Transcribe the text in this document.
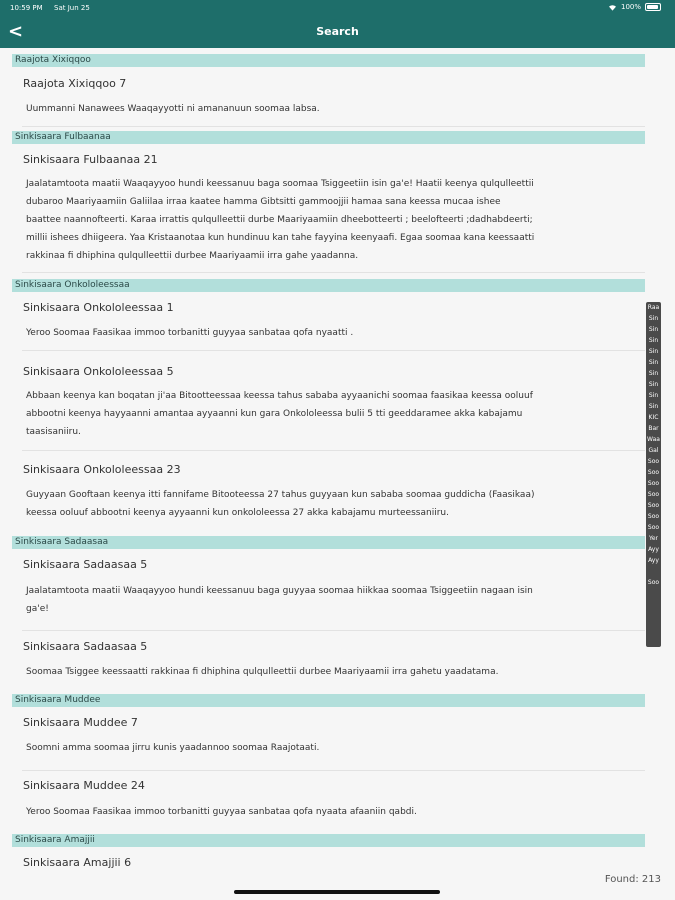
10:59 PM Sat Jun 25	100%
<	Search
Raajota Xixiqqoo
Raajota Xixiqqoo 7
Uummanni Nanawees Waaqayyotti ni amananuun soomaa labsa.
Sinkisaara Fulbaanaa
Sinkisaara Fulbaanaa 21
Jaalatamtoota maatii Waaqayyoo hundi keessanuu baga soomaa Tsiggeetiin isin ga'e! Haatii keenya qulqulleettii
dubaroo Maariyaamiin Galiilaa irraa kaatee hamma Gibtsitti gammoojjii hamaa sana keessa mucaa ishee
baattee naannofteerti. Karaa irrattis qulqulleettii durbe Maariyaamiin dheebotteerti ; beelofteerti ;dadhabdeerti;
millii ishees dhiigeera. Yaa Kristaanotaa kun hundinuu kan tahe fayyina keenyaafi. Egaa soomaa kana keessaatti
rakkinaa fi dhiphina qulqulleettii durbee Maariyaamii irra gahe yaadanna.
Sinkisaara Onkololeessaa
Sinkisaara Onkololeessaa 1
Yeroo Soomaa Faasikaa immoo torbanitti guyyaa sanbataa qofa nyaatti .
Sinkisaara Onkololeessaa 5
Abbaan keenya kan boqatan ji'aa Bitootteessaa keessa tahus sababa ayyaanichi soomaa faasikaa keessa ooluuf
abbootni keenya hayyaanni amantaa ayyaanni kun gara Onkololeessa bulii 5 tti geeddaramee akka kabajamu
taasisaniiru.
Sinkisaara Onkololeessaa 23
Guyyaan Gooftaan keenya itti fannifame Bitooteessa 27 tahus guyyaan kun sababa soomaa guddicha (Faasikaa)
keessa ooluuf abbootni keenya ayyaanni kun onkololeessa 27 akka kabajamu murteessaniiru.
Sinkisaara Sadaasaa
Sinkisaara Sadaasaa 5
Jaalatamtoota maatii Waaqayyoo hundi keessanuu baga guyyaa soomaa hiikkaa soomaa Tsiggeetiin nagaan isin
ga'e!
Sinkisaara Sadaasaa 5
Soomaa Tsiggee keessaatti rakkinaa fi dhiphina qulqulleettii durbee Maariyaamii irra gahetu yaadatama.
Sinkisaara Muddee
Sinkisaara Muddee 7
Soomni amma soomaa jirru kunis yaadannoo soomaa Raajotaati.
Sinkisaara Muddee 24
Yeroo Soomaa Faasikaa immoo torbanitti guyyaa sanbataa qofa nyaata afaaniin qabdi.
Sinkisaara Amajjii
Sinkisaara Amajjii 6
Raa
Sin
Sin
Sin
Sin
Sin
Sin
Sin
Sin
Sin
KIC
Bar
Waa
Gal
Soo
Soo
Soo
Soo
Soo
Soo
Soo
Yer
Ayy
Ayy
Soo
Found: 213
